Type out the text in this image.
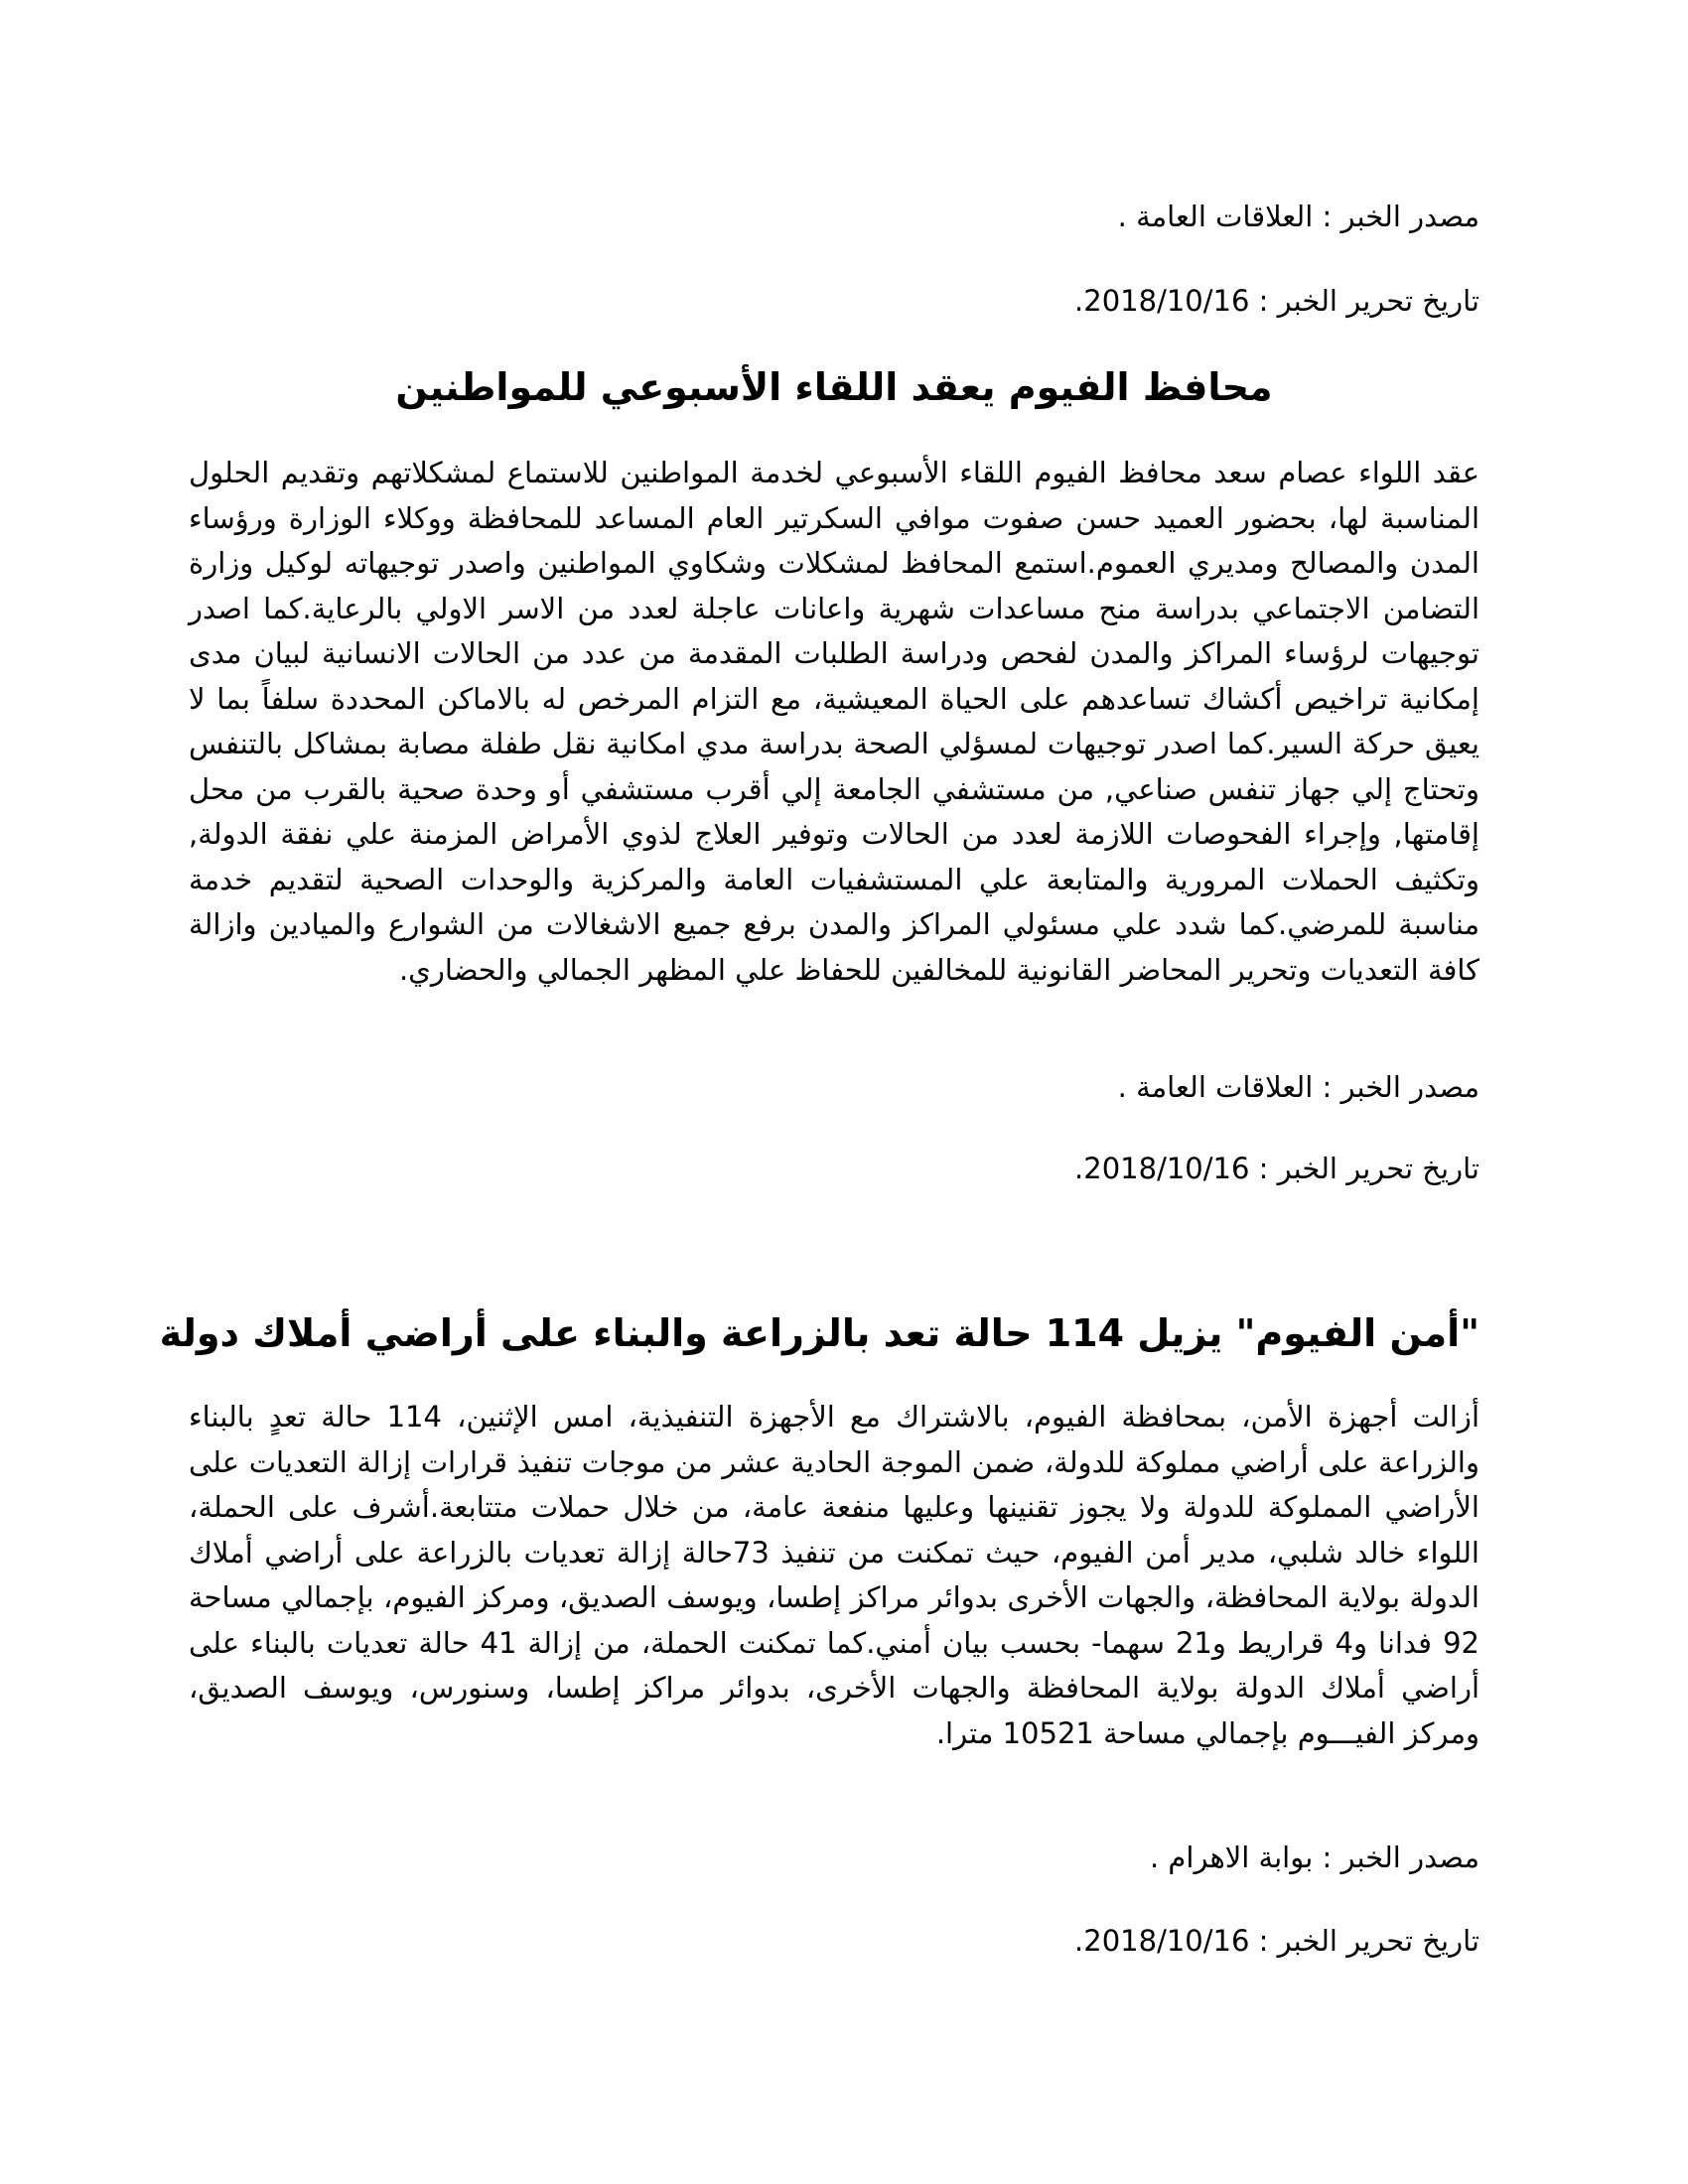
مصدر الخبر : العلاقات العامة .
تاريخ تحرير الخبر : 2018/10/16.
محافظ الفيوم يعقد اللقاء الأسبوعي للمواطنين
عقد اللواء عصام سعد محافظ الفيوم اللقاء الأسبوعي لخدمة المواطنين للاستماع لمشكلاتهم وتقديم الحلول المناسبة لها، بحضور العميد حسن صفوت موافي السكرتير العام المساعد للمحافظة ووكلاء الوزارة ورؤساء المدن والمصالح ومديري العموم.استمع المحافظ لمشكلات وشكاوي المواطنين واصدر توجيهاته لوكيل وزارة التضامن الاجتماعي بدراسة منح مساعدات شهرية واعانات عاجلة لعدد من الاسر الاولي بالرعاية.كما اصدر توجيهات لرؤساء المراكز والمدن لفحص ودراسة الطلبات المقدمة من عدد من الحالات الانسانية لبيان مدى إمكانية تراخيص أكشاك تساعدهم على الحياة المعيشية، مع التزام المرخص له بالاماكن المحددة سلفاً بما لا يعيق حركة السير.كما اصدر توجيهات لمسؤلي الصحة بدراسة مدي امكانية نقل طفلة مصابة بمشاكل بالتنفس وتحتاج إلي جهاز تنفس صناعي, من مستشفي الجامعة إلي أقرب مستشفي أو وحدة صحية بالقرب من محل إقامتها, وإجراء الفحوصات اللازمة لعدد من الحالات وتوفير العلاج لذوي الأمراض المزمنة علي نفقة الدولة, وتكثيف الحملات المرورية والمتابعة علي المستشفيات العامة والمركزية والوحدات الصحية لتقديم خدمة مناسبة للمرضي.كما شدد علي مسئولي المراكز والمدن برفع جميع الاشغالات من الشوارع والميادين وازالة كافة التعديات وتحرير المحاضر القانونية للمخالفين للحفاظ علي المظهر الجمالي والحضاري.
مصدر الخبر : العلاقات العامة .
تاريخ تحرير الخبر : 2018/10/16.
"أمن الفيوم" يزيل 114 حالة تعد بالزراعة والبناء على أراضي أملاك دولة
أزالت أجهزة الأمن، بمحافظة الفيوم، بالاشتراك مع الأجهزة التنفيذية، امس الإثنين، 114 حالة تعدٍ بالبناء والزراعة على أراضي مملوكة للدولة، ضمن الموجة الحادية عشر من موجات تنفيذ قرارات إزالة التعديات على الأراضي المملوكة للدولة ولا يجوز تقنينها وعليها منفعة عامة، من خلال حملات متتابعة.أشرف على الحملة، اللواء خالد شلبي، مدير أمن الفيوم، حيث تمكنت من تنفيذ 73حالة إزالة تعديات بالزراعة على أراضي أملاك الدولة بولاية المحافظة، والجهات الأخرى بدوائر مراكز إطسا، ويوسف الصديق، ومركز الفيوم، بإجمالي مساحة 92 فدانا و4 قراريط و21 سهما- بحسب بيان أمني.كما تمكنت الحملة، من إزالة 41 حالة تعديات بالبناء على أراضي أملاك الدولة بولاية المحافظة والجهات الأخرى، بدوائر مراكز إطسا، وسنورس، ويوسف الصديق، ومركز الفيـــوم بإجمالي مساحة 10521 مترا.
مصدر الخبر : بوابة الاهرام .
تاريخ تحرير الخبر : 2018/10/16.
